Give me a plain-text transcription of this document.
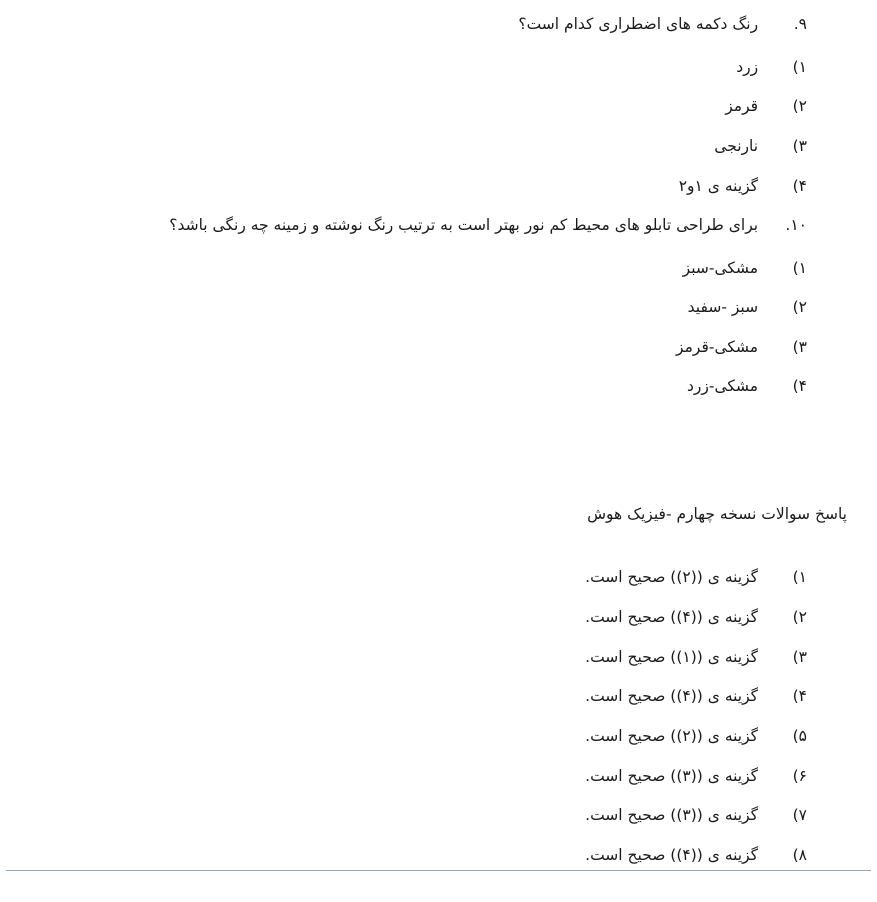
۹. رنگ دکمه های اضطراری کدام است؟
۱) زرد
۲) قرمز
۳) نارنجی
۴) گزینه ی ۱و۲
۱۰. برای طراحی تابلو های محیط کم نور بهتر است به ترتیب رنگ نوشته و زمینه چه رنگی باشد؟
۱) مشکی-سبز
۲) سبز -سفید
۳) مشکی-قرمز
۴) مشکی-زرد
پاسخ سوالات نسخه چهارم -فیزیک هوش
۱) گزینه ی ((۲)) صحیح است.
۲) گزینه ی ((۴)) صحیح است.
۳) گزینه ی ((۱)) صحیح است.
۴) گزینه ی ((۴)) صحیح است.
۵) گزینه ی ((۲)) صحیح است.
۶) گزینه ی ((۳)) صحیح است.
۷) گزینه ی ((۳)) صحیح است.
۸) گزینه ی ((۴)) صحیح است.
